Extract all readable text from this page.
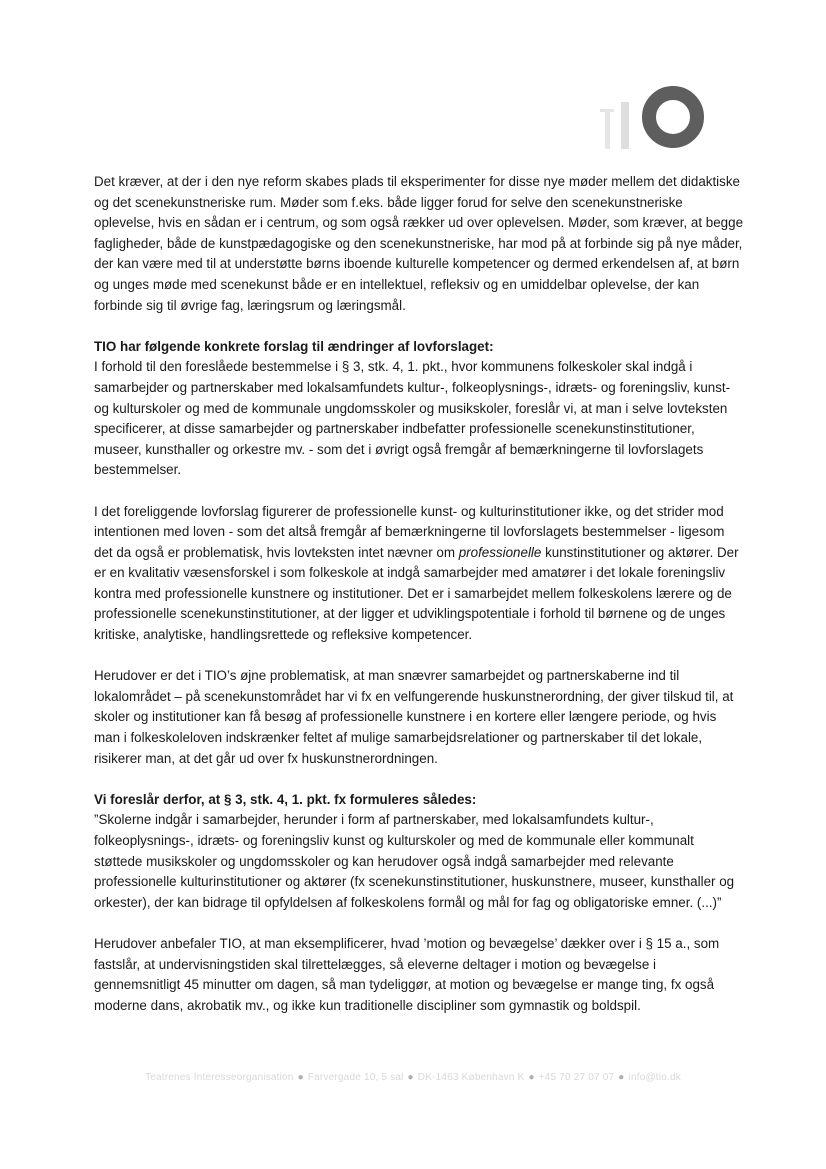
Det kræver, at der i den nye reform skabes plads til eksperimenter for disse nye møder mellem det didaktiske og det scenekunstneriske rum. Møder som f.eks. både ligger forud for selve den scenekunstneriske oplevelse, hvis en sådan er i centrum, og som også rækker ud over oplevelsen. Møder, som kræver, at begge fagligheder, både de kunstpædagogiske og den scenekunstneriske, har mod på at forbinde sig på nye måder, der kan være med til at understøtte børns iboende kulturelle kompetencer og dermed erkendelsen af, at børn og unges møde med scenekunst både er en intellektuel, refleksiv og en umiddelbar oplevelse, der kan forbinde sig til øvrige fag, læringsrum og læringsmål.

TIO har følgende konkrete forslag til ændringer af lovforslaget:

I forhold til den foreslåede bestemmelse i § 3, stk. 4, 1. pkt., hvor kommunens folkeskoler skal indgå i samarbejder og partnerskaber med lokalsamfundets kultur-, folkeoplysnings-, idræts- og foreningsliv, kunst- og kulturskoler og med de kommunale ungdomsskoler og musikskoler, foreslår vi, at man i selve lovteksten specificerer, at disse samarbejder og partnerskaber indbefatter professionelle scenekunstinstitutioner, museer, kunsthaller og orkestre mv. - som det i øvrigt også fremgår af bemærkningerne til lovforslagets bestemmelser.

I det foreliggende lovforslag figurerer de professionelle kunst- og kulturinstitutioner ikke, og det strider mod intentionen med loven - som det altså fremgår af bemærkningerne til lovforslagets bestemmelser - ligesom det da også er problematisk, hvis lovteksten intet nævner om professionelle kunstinstitutioner og aktører. Der er en kvalitativ væsensforskel i som folkeskole at indgå samarbejder med amatører i det lokale foreningsliv kontra med professionelle kunstnere og institutioner. Det er i samarbejdet mellem folkeskolens lærere og de professionelle scenekunstinstitutioner, at der ligger et udviklingspotentiale i forhold til børnene og de unges kritiske, analytiske, handlingsrettede og refleksive kompetencer.

Herudover er det i TIO’s øjne problematisk, at man snævrer samarbejdet og partnerskaberne ind til lokalområdet – på scenekunstområdet har vi fx en velfungerende huskunstnerordning, der giver tilskud til, at skoler og institutioner kan få besøg af professionelle kunstnere i en kortere eller længere periode, og hvis man i folkeskoleloven indskrænker feltet af mulige samarbejdsrelationer og partnerskaber til det lokale, risikerer man, at det går ud over fx huskunstnerordningen.

Vi foreslår derfor, at § 3, stk. 4, 1. pkt. fx formuleres således:

”Skolerne indgår i samarbejder, herunder i form af partnerskaber, med lokalsamfundets kultur-, folkeoplysnings-, idræts- og foreningsliv kunst og kulturskoler og med de kommunale eller kommunalt støttede musikskoler og ungdomsskoler og kan herudover også indgå samarbejder med relevante professionelle kulturinstitutioner og aktører (fx scenekunstinstitutioner, huskunstnere, museer, kunsthaller og orkester), der kan bidrage til opfyldelsen af folkeskolens formål og mål for fag og obligatoriske emner. (...)”

Herudover anbefaler TIO, at man eksemplificerer, hvad ’motion og bevægelse’ dækker over i § 15 a., som fastslår, at undervisningstiden skal tilrettelægges, så eleverne deltager i motion og bevægelse i gennemsnitligt 45 minutter om dagen, så man tydeliggør, at motion og bevægelse er mange ting, fx også moderne dans, akrobatik mv., og ikke kun traditionelle discipliner som gymnastik og boldspil.

Teatrenes Interesseorganisation ● Farvergade 10, 5 sal ● DK-1463 København K ● +45 70 27 07 07 ● info@tio.dk
